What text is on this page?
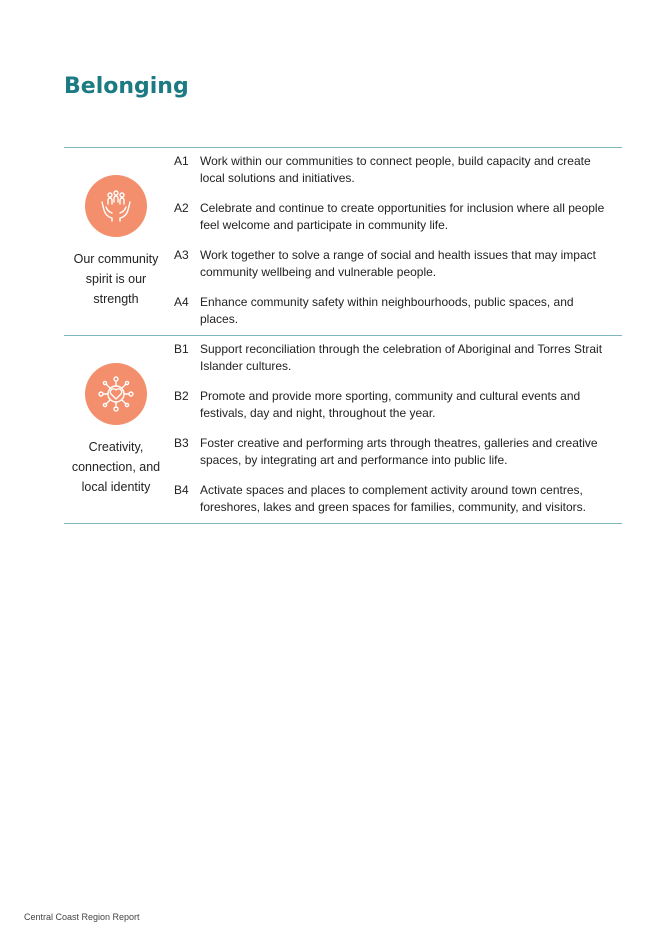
Belonging
Our community spirit is our strength
A1 Work within our communities to connect people, build capacity and create local solutions and initiatives.
A2 Celebrate and continue to create opportunities for inclusion where all people feel welcome and participate in community life.
A3 Work together to solve a range of social and health issues that may impact community wellbeing and vulnerable people.
A4 Enhance community safety within neighbourhoods, public spaces, and places.
Creativity, connection, and local identity
B1 Support reconciliation through the celebration of Aboriginal and Torres Strait Islander cultures.
B2 Promote and provide more sporting, community and cultural events and festivals, day and night, throughout the year.
B3 Foster creative and performing arts through theatres, galleries and creative spaces, by integrating art and performance into public life.
B4 Activate spaces and places to complement activity around town centres, foreshores, lakes and green spaces for families, community, and visitors.
Central Coast Region Report
